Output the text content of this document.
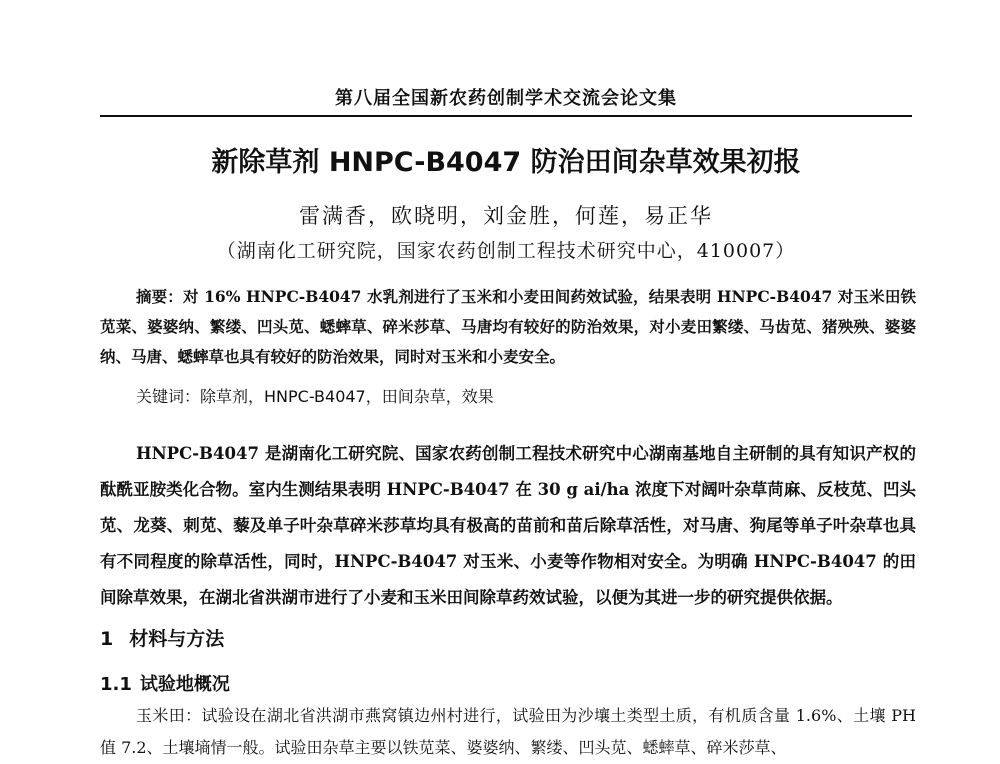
第八届全国新农药创制学术交流会论文集
新除草剂 HNPC-B4047 防治田间杂草效果初报
雷满香，欧晓明，刘金胜，何莲，易正华
（湖南化工研究院，国家农药创制工程技术研究中心，410007）
摘要：对 16% HNPC-B4047 水乳剂进行了玉米和小麦田间药效试验，结果表明 HNPC-B4047 对玉米田铁苋菜、婆婆纳、繁缕、凹头苋、蟋蟀草、碎米莎草、马唐均有较好的防治效果，对小麦田繁缕、马齿苋、猪殃殃、婆婆纳、马唐、蟋蟀草也具有较好的防治效果，同时对玉米和小麦安全。
关键词：除草剂，HNPC-B4047，田间杂草，效果
HNPC-B4047 是湖南化工研究院、国家农药创制工程技术研究中心湖南基地自主研制的具有知识产权的酞酰亚胺类化合物。室内生测结果表明 HNPC-B4047 在 30 g ai/ha 浓度下对阔叶杂草苘麻、反枝苋、凹头苋、龙葵、刺苋、藜及单子叶杂草碎米莎草均具有极高的苗前和苗后除草活性，对马唐、狗尾等单子叶杂草也具有不同程度的除草活性，同时，HNPC-B4047 对玉米、小麦等作物相对安全。为明确 HNPC-B4047 的田间除草效果，在湖北省洪湖市进行了小麦和玉米田间除草药效试验，以便为其进一步的研究提供依据。
1 材料与方法
1.1 试验地概况
玉米田：试验设在湖北省洪湖市燕窝镇边州村进行，试验田为沙壤土类型土质，有机质含量 1.6%、土壤 PH 值 7.2、土壤墒情一般。试验田杂草主要以铁苋菜、婆婆纳、繁缕、凹头苋、蟋蟀草、碎米莎草、
